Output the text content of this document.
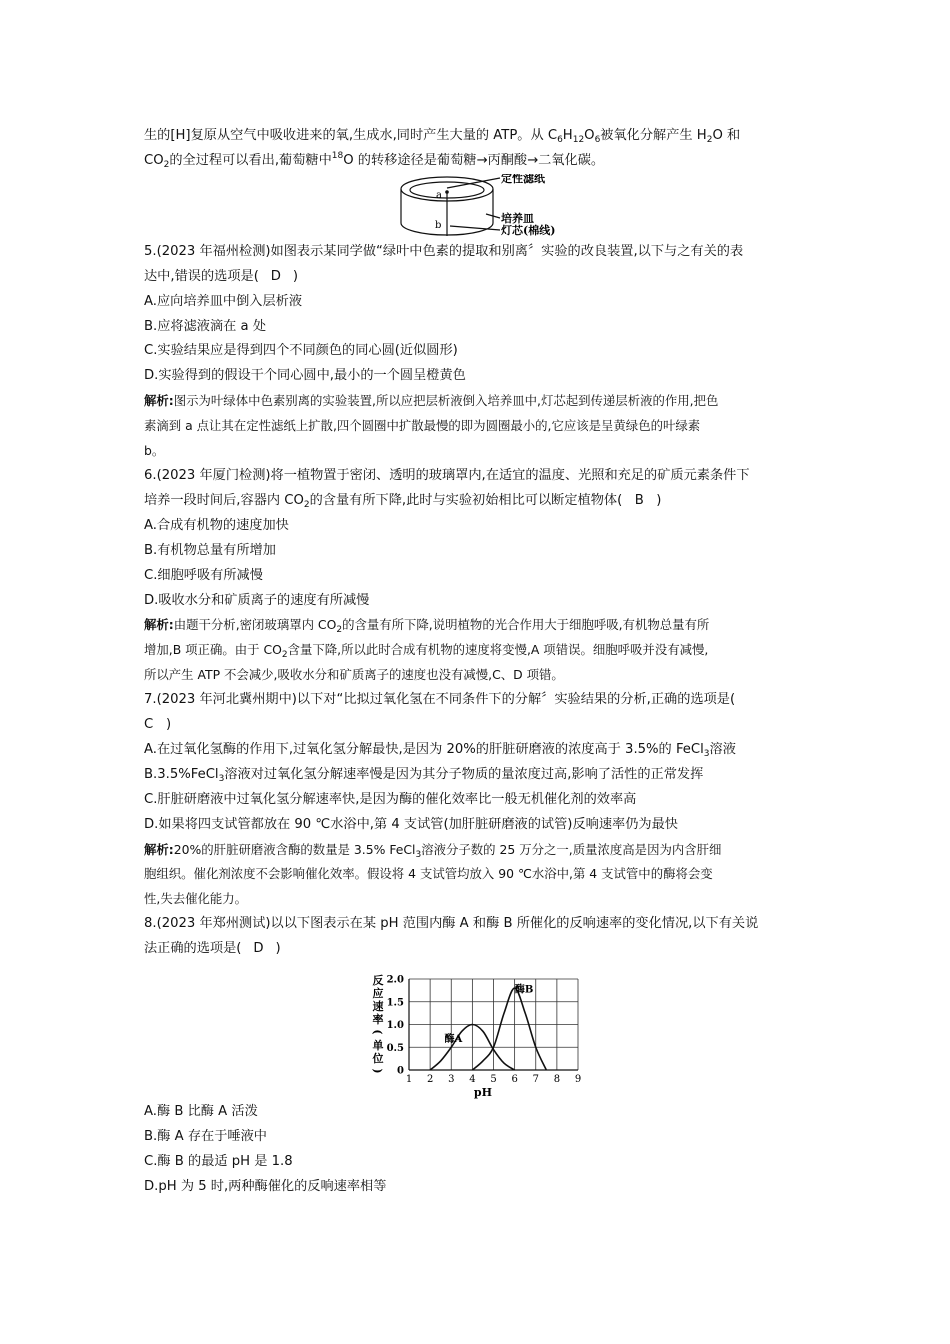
生的[H]复原从空气中吸收进来的氧,生成水,同时产生大量的 ATP。从 $C_6H_{12}O_6$被氧化分解产生 $H_2O$ 和
$CO_2$的全过程可以看出,葡萄糖中$^{18}$O 的转移途径是葡萄糖→丙酮酸→二氧化碳。
a
b
定性滤纸
培养皿
灯芯(棉线)
5.(2023 年福州检测)如图表示某同学做“绿叶中色素的提取和别离〞实验的改良装置,以下与之有关的表
达中,错误的选项是( D )
A.应向培养皿中倒入层析液
B.应将滤液滴在 a 处
C.实验结果应是得到四个不同颜色的同心圆(近似圆形)
D.实验得到的假设干个同心圆中,最小的一个圆呈橙黄色
解析:图示为叶绿体中色素别离的实验装置,所以应把层析液倒入培养皿中,灯芯起到传递层析液的作用,把色
素滴到 a 点让其在定性滤纸上扩散,四个圆圈中扩散最慢的即为圆圈最小的,它应该是呈黄绿色的叶绿素
b。
6.(2023 年厦门检测)将一植物置于密闭、透明的玻璃罩内,在适宜的温度、光照和充足的矿质元素条件下
培养一段时间后,容器内 $CO_2$的含量有所下降,此时与实验初始相比可以断定植物体( B )
A.合成有机物的速度加快
B.有机物总量有所增加
C.细胞呼吸有所减慢
D.吸收水分和矿质离子的速度有所减慢
解析:由题干分析,密闭玻璃罩内 $CO_2$的含量有所下降,说明植物的光合作用大于细胞呼吸,有机物总量有所
增加,B 项正确。由于 $CO_2$含量下降,所以此时合成有机物的速度将变慢,A 项错误。细胞呼吸并没有减慢,
所以产生 ATP 不会减少,吸收水分和矿质离子的速度也没有减慢,C、D 项错。
7.(2023 年河北冀州期中)以下对“比拟过氧化氢在不同条件下的分解〞实验结果的分析,正确的选项是(
C )
A.在过氧化氢酶的作用下,过氧化氢分解最快,是因为 20%的肝脏研磨液的浓度高于 3.5%的 FeCl$_3$溶液
B.3.5%FeCl$_3$溶液对过氧化氢分解速率慢是因为其分子物质的量浓度过高,影响了活性的正常发挥
C.肝脏研磨液中过氧化氢分解速率快,是因为酶的催化效率比一般无机催化剂的效率高
D.如果将四支试管都放在 90 ℃水浴中,第 4 支试管(加肝脏研磨液的试管)反响速率仍为最快
解析:20%的肝脏研磨液含酶的数量是 3.5% FeCl$_3$溶液分子数的 25 万分之一,质量浓度高是因为内含肝细
胞组织。催化剂浓度不会影响催化效率。假设将 4 支试管均放入 90 ℃水浴中,第 4 支试管中的酶将会变
性,失去催化能力。
8.(2023 年郑州测试)以以下图表示在某 pH 范围内酶 A 和酶 B 所催化的反响速率的变化情况,以下有关说
法正确的选项是( D )
1 2 3 4 5 6 7 8 9
0
0.5
1.0
1.5
2.0
pH
反
应
速
率
(
单
位
)
酶A
酶B
A.酶 B 比酶 A 活泼
B.酶 A 存在于唾液中
C.酶 B 的最适 pH 是 1.8
D.pH 为 5 时,两种酶催化的反响速率相等
